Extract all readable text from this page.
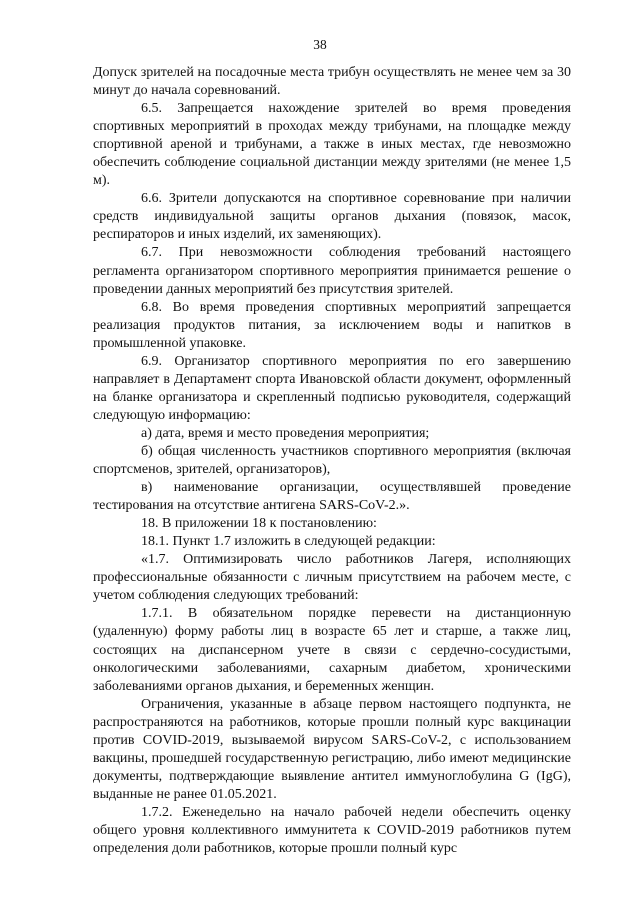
38

Допуск зрителей на посадочные места трибун осуществлять не менее чем за 30 минут до начала соревнований.

6.5. Запрещается нахождение зрителей во время проведения спортивных мероприятий в проходах между трибунами, на площадке между спортивной ареной и трибунами, а также в иных местах, где невозможно обеспечить соблюдение социальной дистанции между зрителями (не менее 1,5 м).

6.6. Зрители допускаются на спортивное соревнование при наличии средств индивидуальной защиты органов дыхания (повязок, масок, респираторов и иных изделий, их заменяющих).

6.7. При невозможности соблюдения требований настоящего регламента организатором спортивного мероприятия принимается решение о проведении данных мероприятий без присутствия зрителей.

6.8. Во время проведения спортивных мероприятий запрещается реализация продуктов питания, за исключением воды и напитков в промышленной упаковке.

6.9. Организатор спортивного мероприятия по его завершению направляет в Департамент спорта Ивановской области документ, оформленный на бланке организатора и скрепленный подписью руководителя, содержащий следующую информацию:

а) дата, время и место проведения мероприятия;

б) общая численность участников спортивного мероприятия (включая спортсменов, зрителей, организаторов),

в) наименование организации, осуществлявшей проведение тестирования на отсутствие антигена SARS-CoV-2.».

18. В приложении 18 к постановлению:

18.1. Пункт 1.7 изложить в следующей редакции:

«1.7. Оптимизировать число работников Лагеря, исполняющих профессиональные обязанности с личным присутствием на рабочем месте, с учетом соблюдения следующих требований:

1.7.1. В обязательном порядке перевести на дистанционную (удаленную) форму работы лиц в возрасте 65 лет и старше, а также лиц, состоящих на диспансерном учете в связи с сердечно-сосудистыми, онкологическими заболеваниями, сахарным диабетом, хроническими заболеваниями органов дыхания, и беременных женщин.

Ограничения, указанные в абзаце первом настоящего подпункта, не распространяются на работников, которые прошли полный курс вакцинации против COVID-2019, вызываемой вирусом SARS-CoV-2, с использованием вакцины, прошедшей государственную регистрацию, либо имеют медицинские документы, подтверждающие выявление антител иммуноглобулина G (IgG), выданные не ранее 01.05.2021.

1.7.2. Еженедельно на начало рабочей недели обеспечить оценку общего уровня коллективного иммунитета к COVID-2019 работников путем определения доли работников, которые прошли полный курс
